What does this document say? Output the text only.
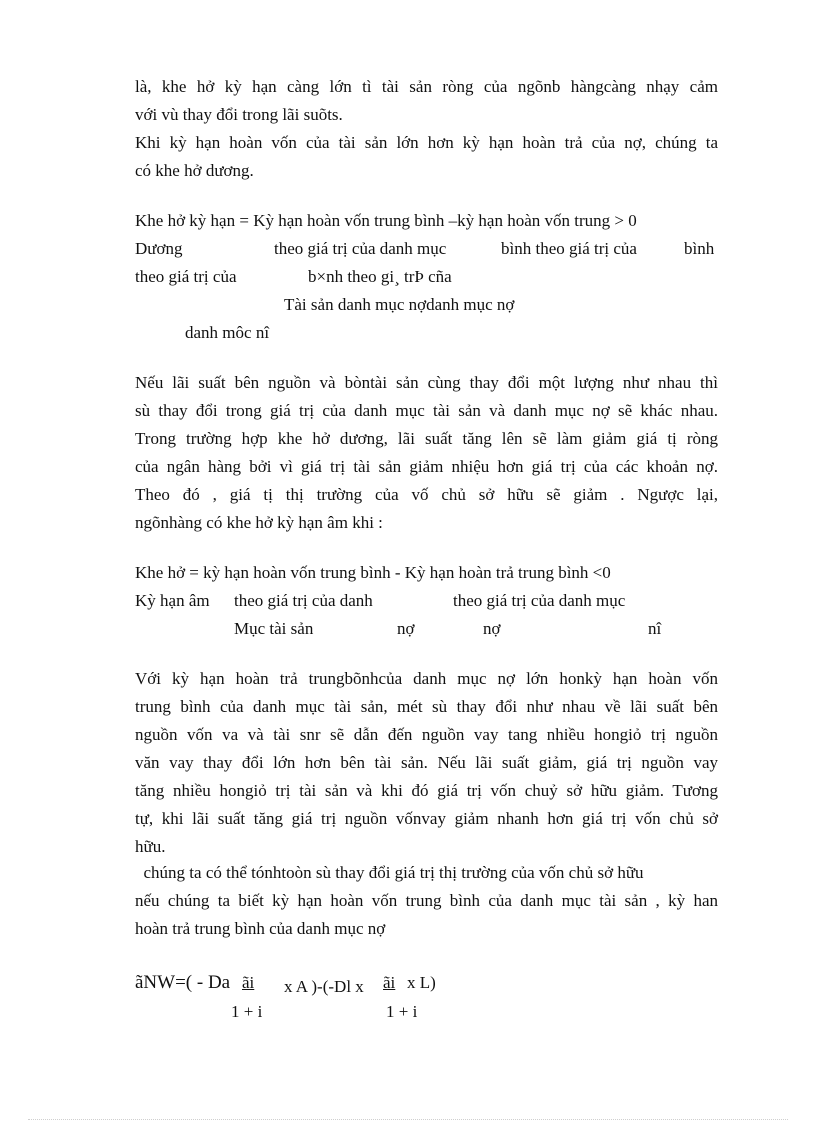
là, khe hở kỳ hạn càng lớn tì tài sản ròng của ngõnb hàngcàng nhạy cảm
với vù thay đổi trong lãi suõts.
Khi kỳ hạn hoàn vốn của tài sản lớn hơn kỳ hạn hoàn trả của nợ, chúng ta
có khe hở dương.
Khe hở kỳ hạn = Kỳ hạn hoàn vốn trung bình –kỳ hạn hoàn vốn trung > 0
Dương	theo giá trị của danh mục	bình theo giá trị của	bình
theo giá trị của	b×nh theo gi¸ trÞ cña
Tài sản danh mục nợdanh mục nợ
danh môc nî
Nếu lãi suất bên nguồn và bòntài sản cùng thay đổi một lượng như nhau thì
sù thay đổi trong giá trị của danh mục tài sản và danh mục nợ sẽ khác nhau.
Trong trường hợp khe hở dương, lãi suất tăng lên sẽ làm giảm giá tị ròng
của ngân hàng bởi vì giá trị tài sản giảm nhiệu hơn giá trị của các khoản nợ.
Theo đó , giá tị thị trường của vố chủ sở hữu sẽ giảm . Ngược lại,
ngõnhàng có khe hở kỳ hạn âm khi :
Khe hở = kỳ hạn hoàn vốn trung bình - Kỳ hạn hoàn trả trung bình <0
Kỳ hạn âm theo giá trị của danh	theo giá trị của danh mục
Mục tài sản	nợ	nợ	nî
Với kỳ hạn hoàn trả trungbõnhcủa danh mục nợ lớn honkỳ hạn hoàn vốn
trung bình của danh mục tài sản, mét sù thay đổi như nhau về lãi suất bên
nguồn vốn va và tài snr sẽ dẫn đến nguồn vay tang nhiều hongiỏ trị nguồn
văn vay thay đổi lớn hơn bên tài sản. Nếu lãi suất giảm, giá trị nguồn vay
tăng nhiều hongiỏ trị tài sản và khi đó giá trị vốn chuỷ sở hữu giảm. Tương
tự, khi lãi suất tăng giá trị nguồn vốnvay giảm nhanh hơn giá trị vốn chủ sở
hữu.
chúng ta có thể tónhtoòn sù thay đổi giá trị thị trường của vốn chủ sở hữu
nếu chúng ta biết kỳ hạn hoàn vốn trung bình của danh mục tài sản , kỳ han
hoàn trả trung bình của danh mục nợ
ãNW=( - Da ãi x A )-(-Dl x ãi x L)
1 + i	1 + i
